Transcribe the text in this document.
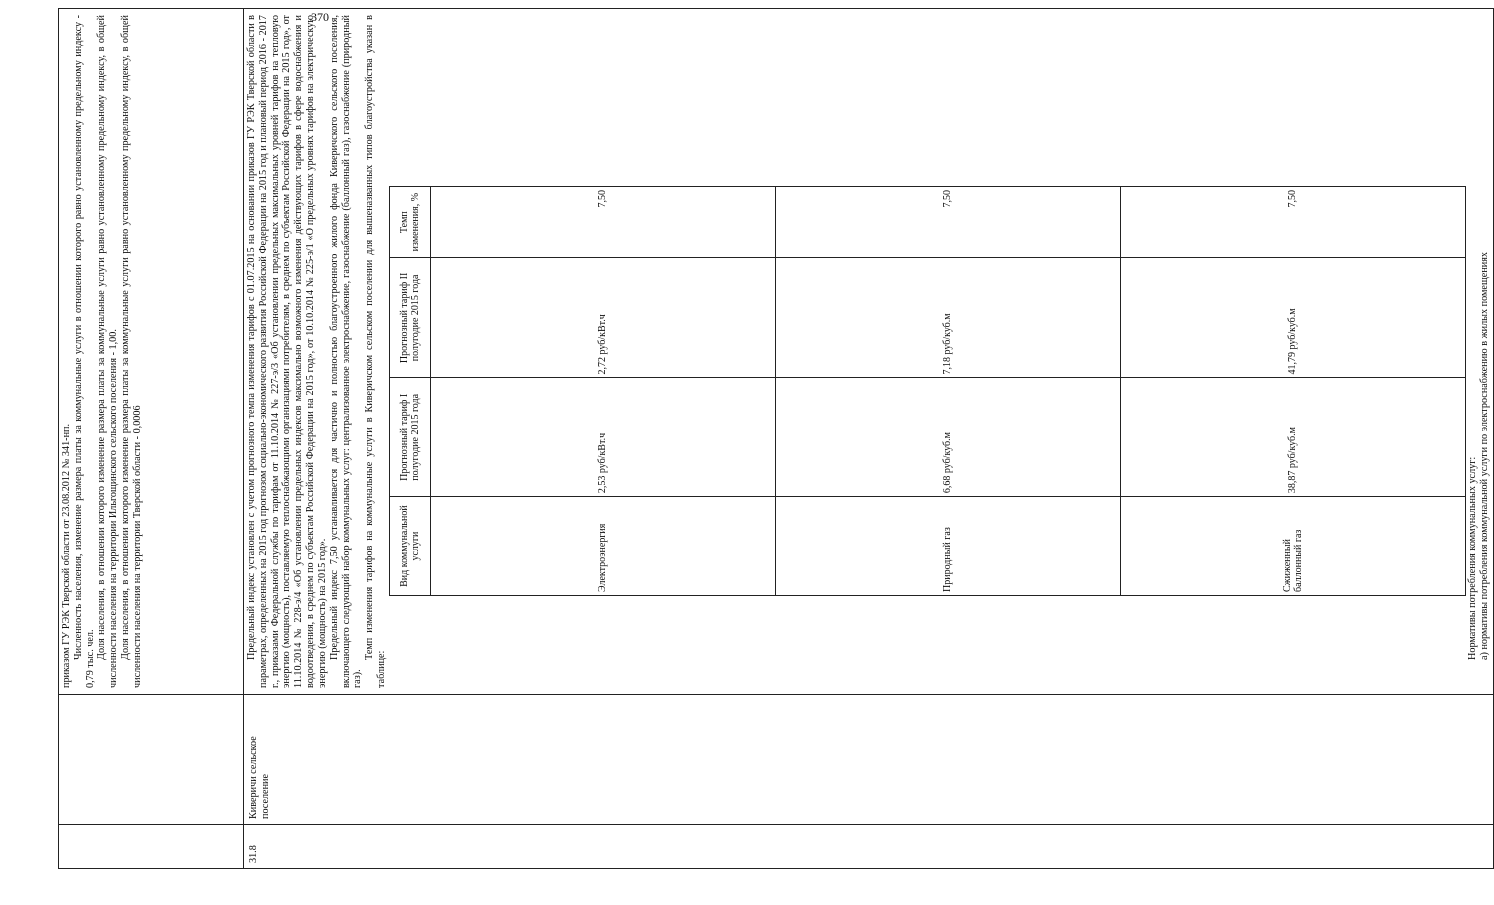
370

приказом ГУ РЭК Тверской области от 23.08.2012 № 341-нп. Численность населения, изменение размера платы за коммунальные услуги в отношении которого равно установленному предельному индексу - 0,79 тыс. чел. Доля населения, в отношении которого изменение размера платы за коммунальные услуги равно установленному предельному индексу, в общей численности населения на территории Ильгощинского сельского поселения - 1,00. Доля населения, в отношении которого изменение размера платы за коммунальные услуги равно установленному предельному индексу, в общей численности населения на территории Тверской области - 0,0006

31.8	Киверичи сельское поселение	

Предельный индекс установлен с учетом прогнозного темпа изменения тарифов с 01.07.2015 на основании приказов ГУ РЭК Тверской области в параметрах, определенных на 2015 год прогнозом социально-экономического развития Российской Федерации на 2015 год и плановый период 2016 - 2017 г., приказами Федеральной службы по тарифам от 11.10.2014 № 227-э/3 «Об установлении предельных максимальных уровней тарифов на тепловую энергию (мощность), поставляемую теплоснабжающими организациями потребителям, в среднем по субъектам Российской Федерации на 2015 год», от 11.10.2014 № 228-э/4 «Об установлении предельных индексов максимально возможного изменения действующих тарифов в сфере водоснабжения и водоотведения, в среднем по субъектам Российской Федерации на 2015 год», от 10.10.2014 № 225-э/1 «О предельных уровнях тарифов на электрическую энергию (мощность) на 2015 год». Предельный индекс 7,50 устанавливается для частично и полностью благоустроенного жилого фонда Киверичского сельского поселения, включающего следующий набор коммунальных услуг: централизованное электроснабжение, газоснабжение (баллонный газ), газоснабжение (природный газ).

Темп изменения тарифов на коммунальные услуги в Киверичском сельском поселении для вышеназванных типов благоустройства указан в таблице:

Вид коммунальной услуги	Прогнозный тариф I полугодие 2015 года	Прогнозный тариф II полугодие 2015 года	Темп изменения, %
Электроэнергия	2,53 руб/кВт.ч	2,72 руб/кВт.ч	7,50
Природный газ	6,68 руб/куб.м	7,18 руб/куб.м	7,50
Сжиженный баллонный газ	38,87 руб/куб.м	41,79 руб/куб.м	7,50

Нормативы потребления коммунальных услуг: а) нормативы потребления коммунальной услуги по электроснабжению в жилых помещениях
